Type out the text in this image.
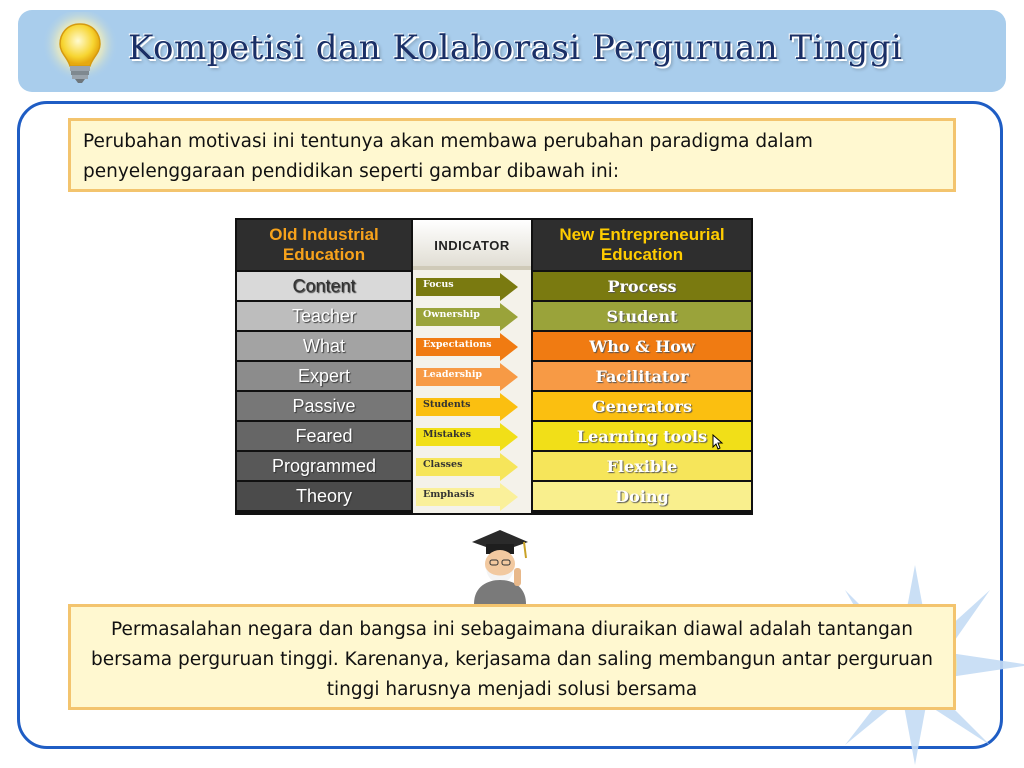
Kompetisi dan Kolaborasi Perguruan Tinggi
Perubahan motivasi ini tentunya akan membawa perubahan paradigma dalam penyelenggaraan pendidikan seperti gambar dibawah ini:
Old Industrial Education
Content
Teacher
What
Expert
Passive
Feared
Programmed
Theory
INDICATOR
Focus
Ownership
Expectations
Leadership
Students
Mistakes
Classes
Emphasis
New Entrepreneurial Education
Process
Student
Who & How
Facilitator
Generators
Learning tools
Flexible
Doing
Permasalahan negara dan bangsa ini sebagaimana diuraikan diawal adalah tantangan bersama perguruan tinggi. Karenanya, kerjasama dan saling membangun antar perguruan tinggi harusnya menjadi solusi bersama
